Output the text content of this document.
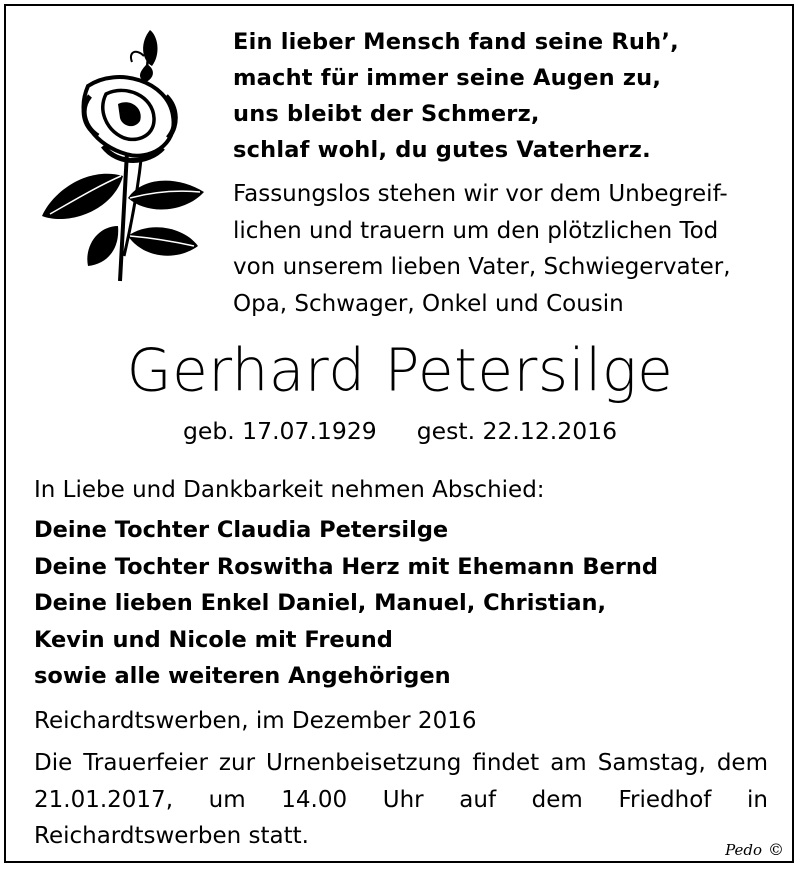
Ein lieber Mensch fand seine Ruh’,
macht für immer seine Augen zu,
uns bleibt der Schmerz,
schlaf wohl, du gutes Vaterherz.
Fassungslos stehen wir vor dem Unbegreif-
lichen und trauern um den plötzlichen Tod
von unserem lieben Vater, Schwiegervater,
Opa, Schwager, Onkel und Cousin
Gerhard Petersilge
geb. 17.07.1929 gest. 22.12.2016
In Liebe und Dankbarkeit nehmen Abschied:
Deine Tochter Claudia Petersilge
Deine Tochter Roswitha Herz mit Ehemann Bernd
Deine lieben Enkel Daniel, Manuel, Christian,
Kevin und Nicole mit Freund
sowie alle weiteren Angehörigen
Reichardtswerben, im Dezember 2016
Die Trauerfeier zur Urnenbeisetzung findet am Samstag, dem 21.01.2017, um 14.00 Uhr auf dem Friedhof in Reichardtswerben statt.
Pedo ©
